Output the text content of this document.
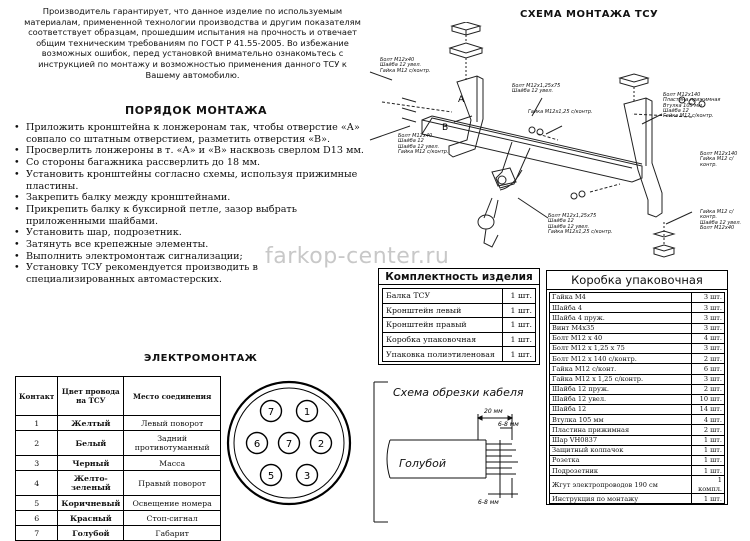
Производитель гарантирует, что данное изделие по используемым материалам, примененной технологии производства и другим показателям соответствует образцам, прошедшим испытания на прочность и отвечает общим техническим требованиям по ГОСТ Р 41.55-2005. Во избежание возможных ошибок, перед установкой внимательно ознакомьтесь с инструкцией по монтажу и возможностью применения данного ТСУ к Вашему автомобилю.
ПОРЯДОК МОНТАЖА
• Приложить кронштейна к лонжеронам так, чтобы отверстие «А» совпало со штатным отверстием, разметить отверстия «В».
• Просверлить лонжероны в т. «А» и «В» насквозь сверлом D13 мм.
• Со стороны багажника рассверлить до 18 мм.
• Установить кронштейны согласно схемы, используя прижимные пластины.
• Закрепить балку между кронштейнами.
• Прикрепить балку к буксирной петле, зазор выбрать приложенными шайбами.
• Установить шар, подрозетник.
• Затянуть все крепежные элементы.
• Выполнить электромонтаж сигнализации;
• Установку ТСУ рекомендуется производить в специализированных автомастерских.
farkop-center.ru
СХЕМА МОНТАЖА ТСУ
А
В
Болт М12х40
Шайба 12 увел.
Гайка М12 с/контр.
Болт М12х1,25х75
Шайба 12 увел.
Гайка М12х1,25 с/контр.
Болт М12х140
Пластина прижимная
Втулка 105 мм
Шайба 12
Гайка М12 с/контр.
Болт М12х40
Шайба 12
Шайба 12 увел.
Гайка М12 с/контр.	Болт М12х140
Гайка М12 с/контр.
Болт М12х1,25х75
Шайба 12
Шайба 12 увел.
Гайка М12х1,25 с/контр.
Гайка М12 с/контр.
Шайба 12 увел.
Болт М12х40
ЭЛЕКТРОМОНТАЖ
Контакт	Цвет провода на ТСУ	Место соединения
1	Желтый	Левый поворот
2	Белый	Задний противотуманный
3	Черный	Масса
4	Желто-зеленый	Правый поворот
5	Коричневый	Освещение номера
6	Красный	Стоп-сигнал
7	Голубой	Габарит
7	1
6	7	2
5	3
Комплектность изделия
Балка ТСУ	1 шт.
Кронштейн левый	1 шт.
Кронштейн правый	1 шт.
Коробка упаковочная	1 шт.
Упаковка полиэтиленовая	1 шт.
Коробка упаковочная
Гайка М4	3 шт.
Шайба 4	3 шт.
Шайба 4 пруж.	3 шт.
Винт М4х35	3 шт.
Болт М12 х 40	4 шт.
Болт М12 х 1,25 х 75	3 шт.
Болт М12 х 140 с/контр.	2 шт.
Гайка М12 с/конт.	6 шт.
Гайка М12 х 1,25 с/контр.	3 шт.
Шайба 12 пруж.	2 шт.
Шайба 12 увел.	10 шт.
Шайба 12	14 шт.
Втулка 105 мм	4 шт.
Пластина прижимная	2 шт.
Шар VH0837	1 шт.
Защитный колпачок	1 шт.
Розетка	1 шт.
Подрозетник	1 шт.
Жгут электропроводов 190 см	1 компл.
Инструкция по монтажу	1 шт.
20 мм
6-8 мм
6-8 мм
Схема обрезки кабеля
Голубой
